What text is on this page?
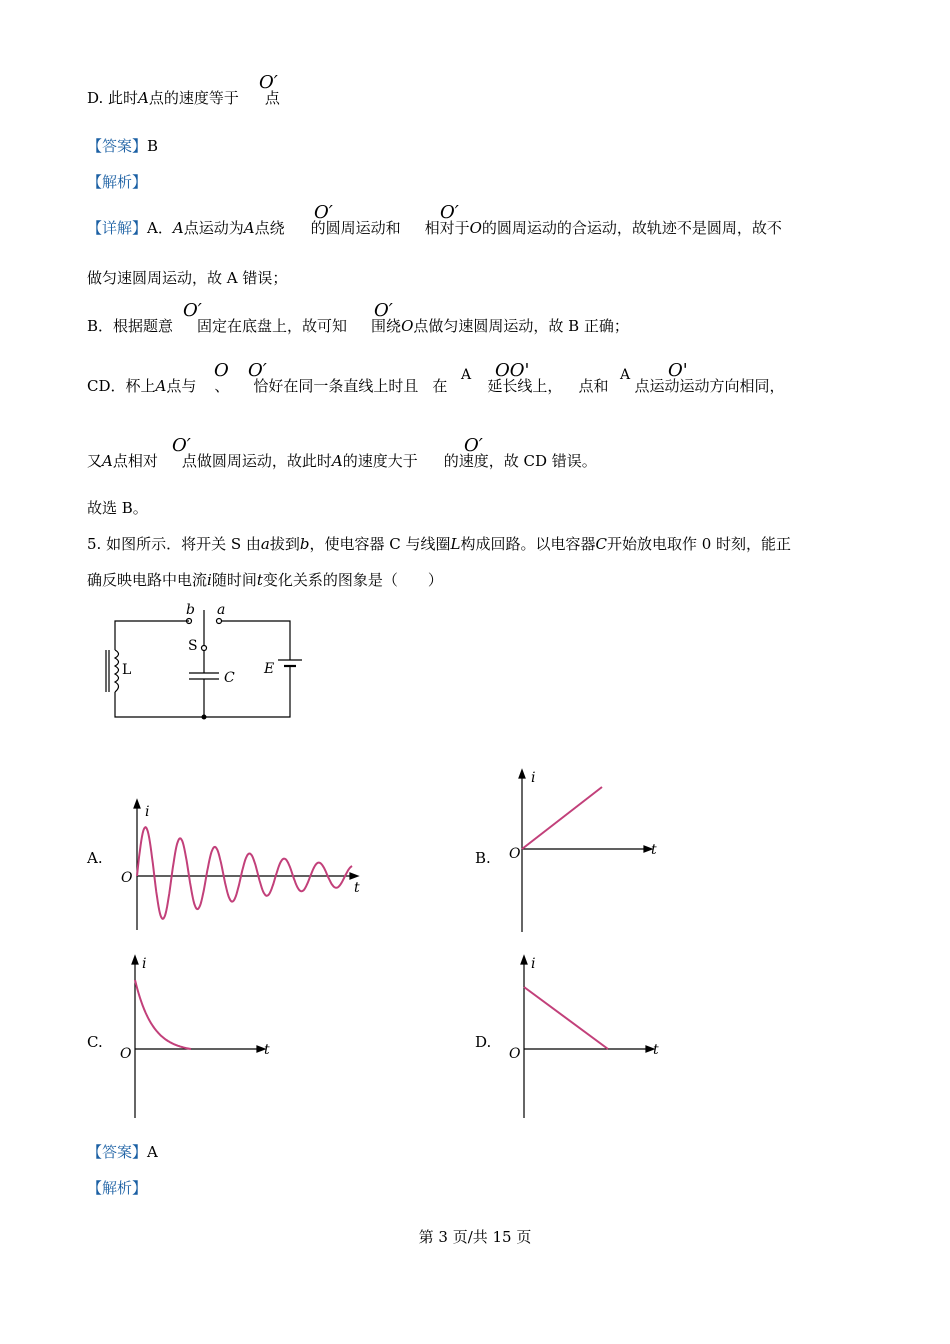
D. 此时A点的速度等于 点
O′
【答案】B
【解析】
【详解】A．A点运动为A点绕 的圆周运动和 相对于O的圆周运动的合运动，故轨迹不是圆周，故不
O′	O′
做匀速圆周运动，故 A 错误；
B．根据题意 固定在底盘上，故可知 围绕O点做匀速圆周运动，故 B 正确；
O′	O′
CD．杯上A点与 、 恰好在同一条直线上时且 在	延长线上， 点和 点运动运动方向相同，
O O′	A OO'	A O'
又A点相对 点做圆周运动，故此时A的速度大于 的速度，故 CD 错误。
O′	O′
故选 B。
5. 如图所示．将开关 S 由a拔到b，使电容器 C 与线圈L构成回路。以电容器C开始放电取作 0 时刻，能正
确反映电路中电流i随时间t变化关系的图象是（　　）
b a
S
L	C
E
A.
i
t
O
B.
i
t
O
C.
i
t
O
D.
i
t
O
【答案】A
【解析】
第 3 页/共 15 页
